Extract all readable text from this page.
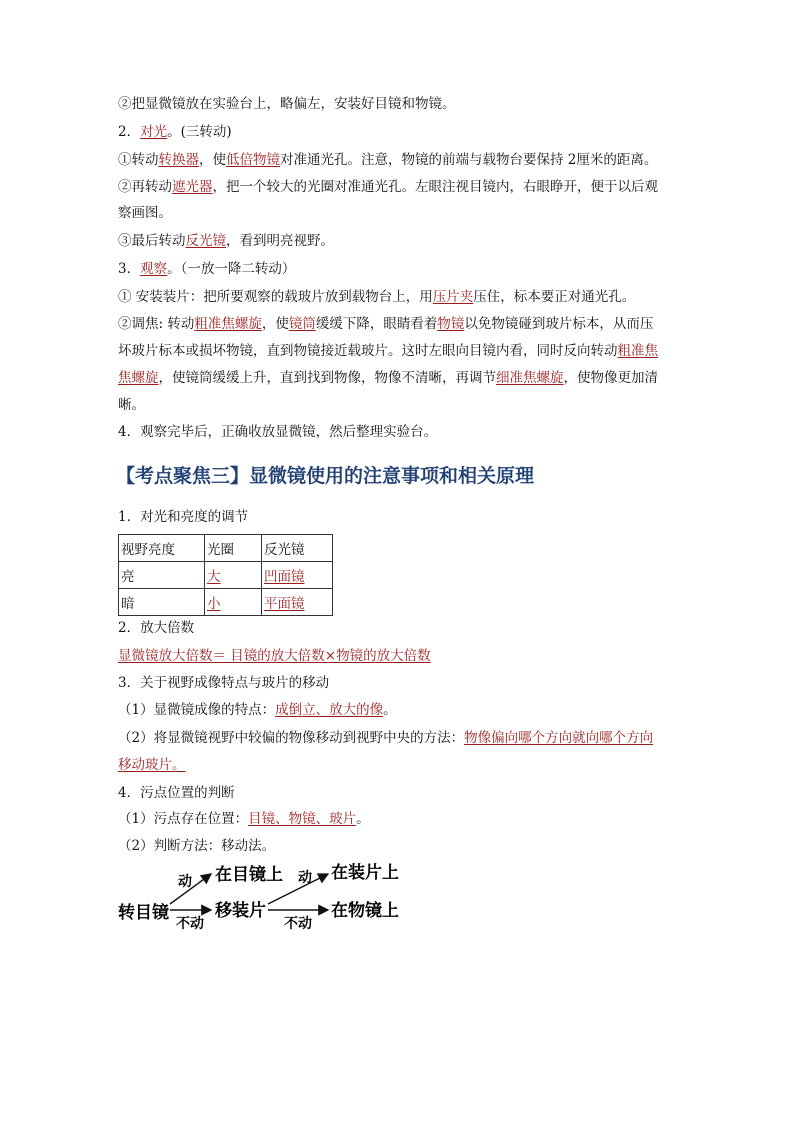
②把显微镜放在实验台上，略偏左，安装好目镜和物镜。
2．对光。(三转动)
①转动转换器，使低倍物镜对准通光孔。注意，物镜的前端与载物台要保持 2厘米的距离。
②再转动遮光器，把一个较大的光圈对准通光孔。左眼注视目镜内，右眼睁开，便于以后观
察画图。
③最后转动反光镜，看到明亮视野。
3．观察。（一放一降二转动）
① 安装装片：把所要观察的载玻片放到载物台上，用压片夹压住，标本要正对通光孔。
②调焦: 转动粗准焦螺旋，使镜筒缓缓下降，眼睛看着物镜以免物镜碰到玻片标本，从而压
坏玻片标本或损坏物镜，直到物镜接近载玻片。这时左眼向目镜内看，同时反向转动粗准焦
焦螺旋，使镜筒缓缓上升，直到找到物像，物像不清晰，再调节细准焦螺旋，使物像更加清
晰。
4．观察完毕后，正确收放显微镜，然后整理实验台。
【考点聚焦三】显微镜使用的注意事项和相关原理
1．对光和亮度的调节
视野亮度	光圈	反光镜
亮	大	凹面镜
暗	小	平面镜
2．放大倍数
显微镜放大倍数＝ 目镜的放大倍数×物镜的放大倍数
3．关于视野成像特点与玻片的移动
（1）显微镜成像的特点：成倒立、放大的像。
（2）将显微镜视野中较偏的物像移动到视野中央的方法：物像偏向哪个方向就向哪个方向
移动玻片。
4．污点位置的判断
（1）污点存在位置：目镜、物镜、玻片。
（2）判断方法：移动法。
转目镜
动 在目镜上
不动
移装片
动 在装片上
不动
在物镜上
